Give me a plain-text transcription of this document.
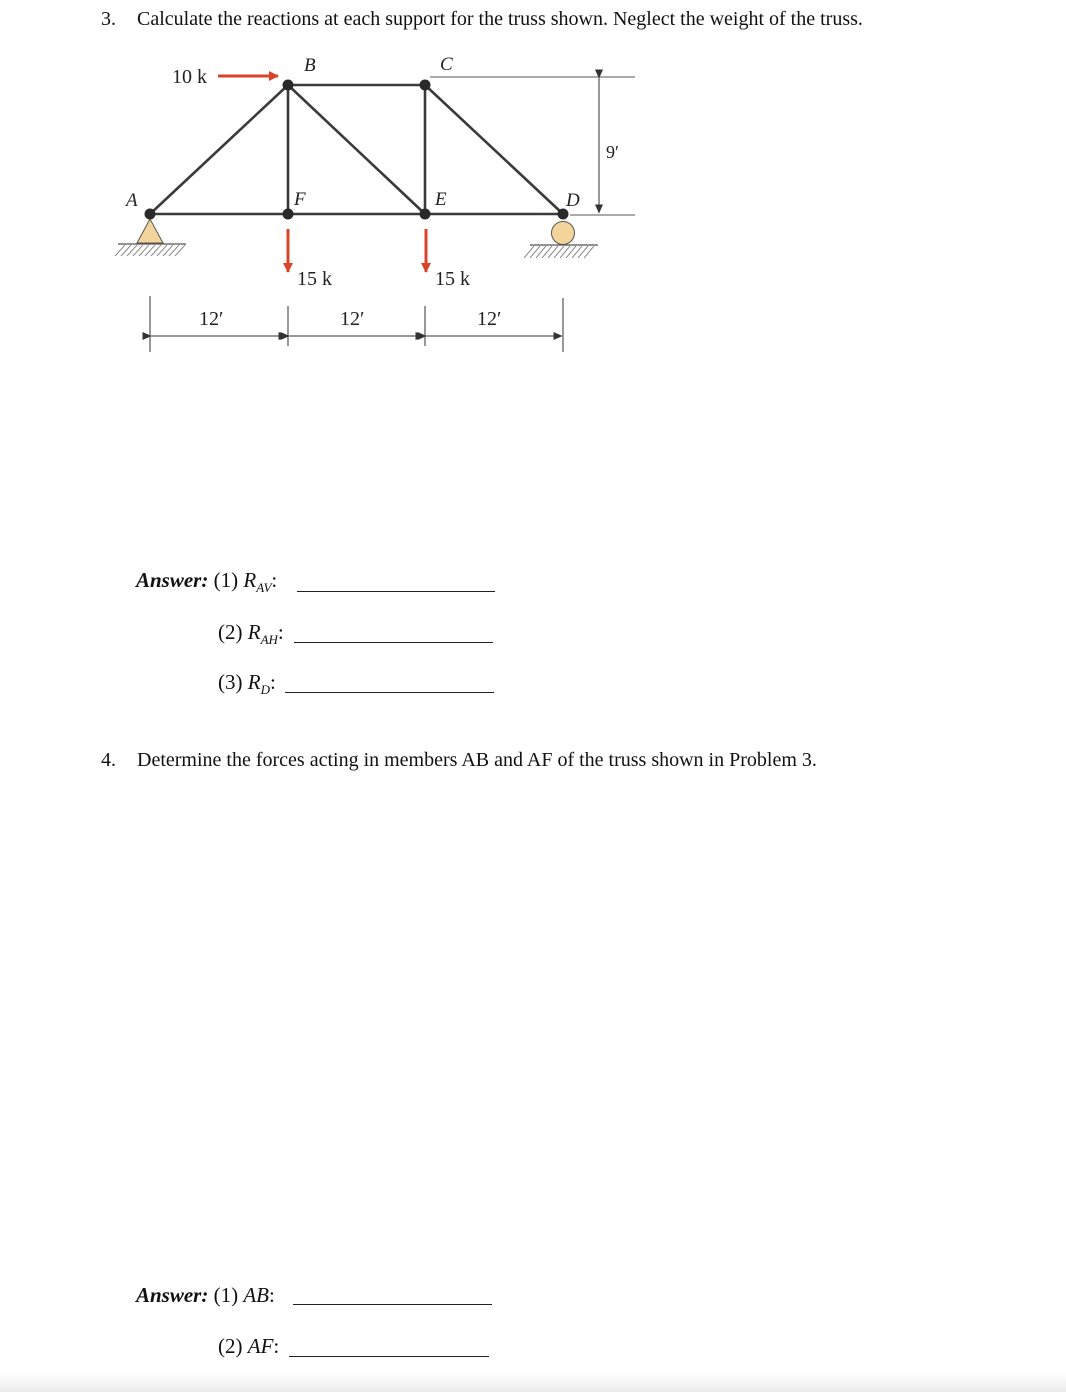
3. Calculate the reactions at each support for the truss shown. Neglect the weight of the truss.
A
B	C
D
E
F
10 k
15 k	15 k
12′	12′	12′
9′
Answer: (1) $R_{AV}$:
(2) $R_{AH}$:
(3) $R_D$:
4. Determine the forces acting in members AB and AF of the truss shown in Problem 3.
Answer: (1) AB:
(2) AF:
